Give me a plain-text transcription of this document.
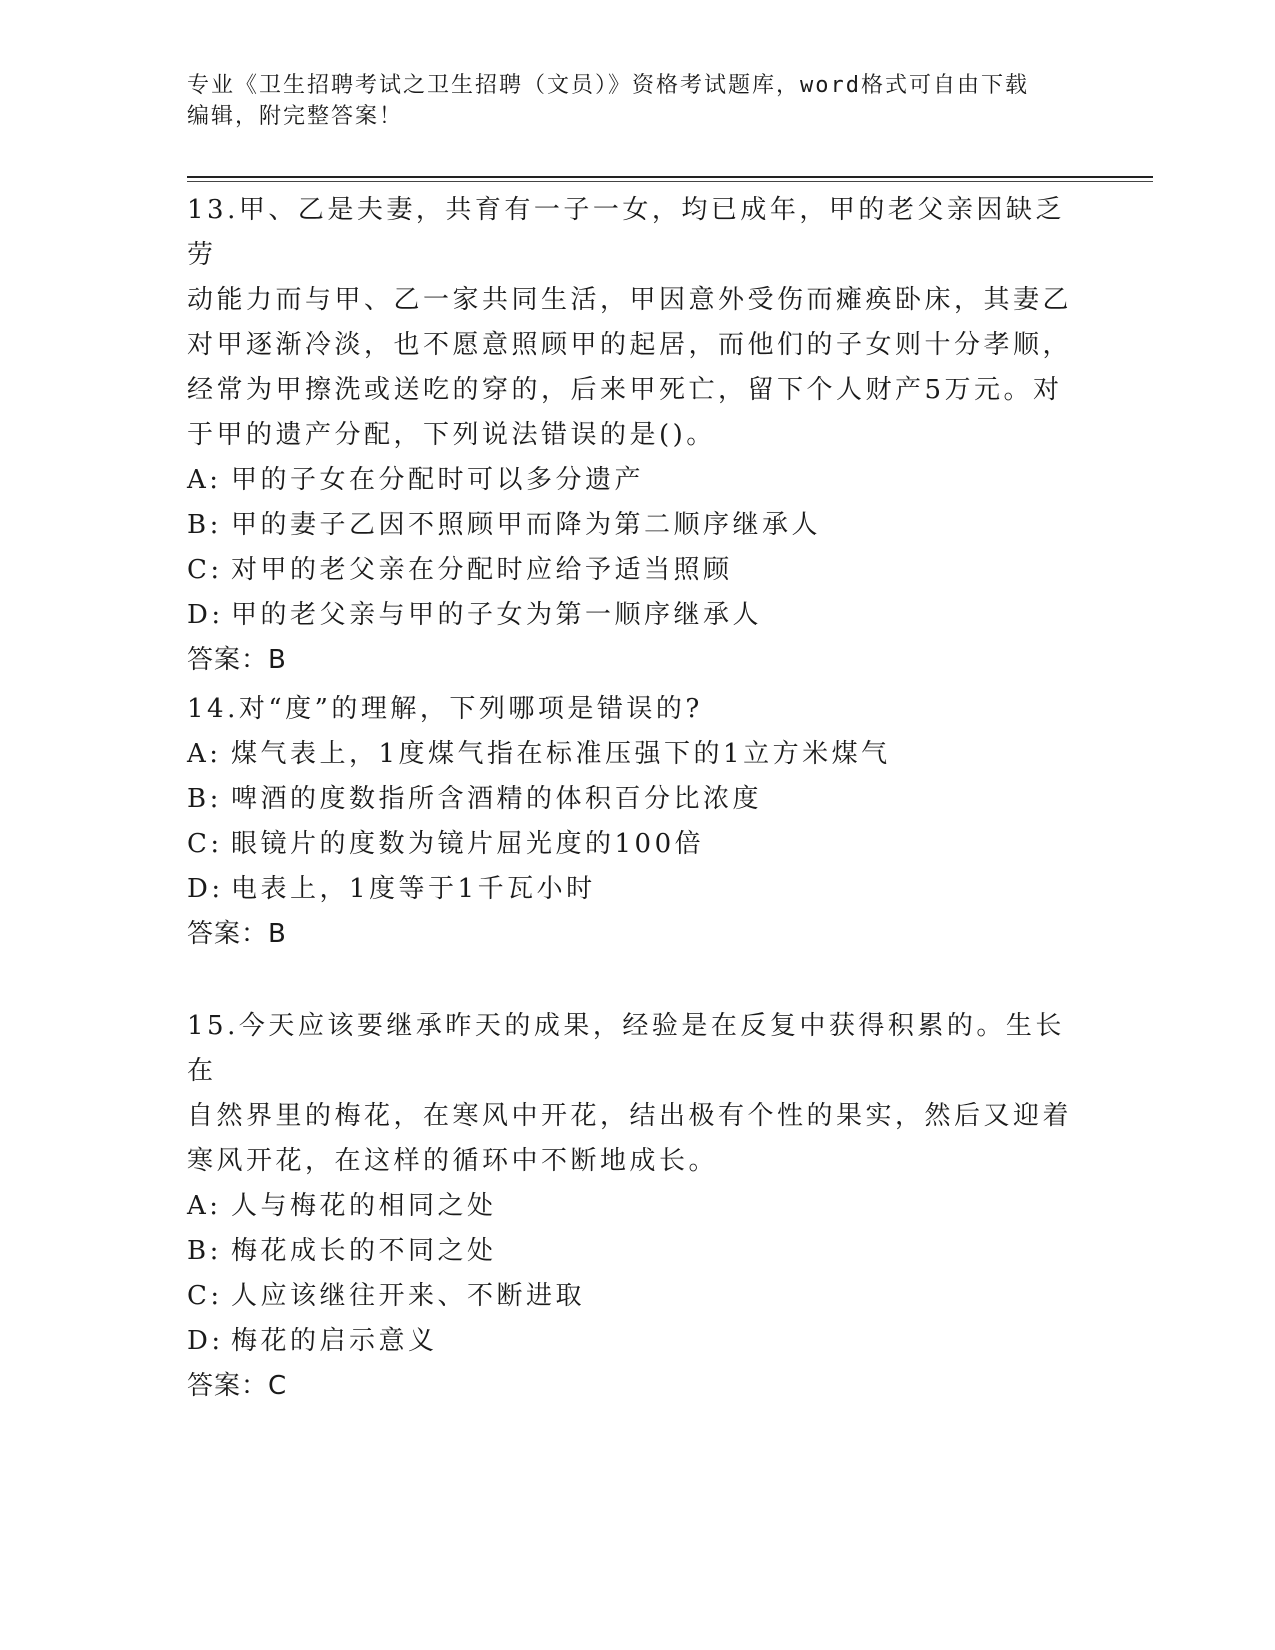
专业《卫生招聘考试之卫生招聘（文员）》资格考试题库，word格式可自由下载
编辑，附完整答案！

13.甲、乙是夫妻，共育有一子一女，均已成年，甲的老父亲因缺乏劳

动能力而与甲、乙一家共同生活，甲因意外受伤而瘫痪卧床，其妻乙

对甲逐渐冷淡，也不愿意照顾甲的起居，而他们的子女则十分孝顺，

经常为甲擦洗或送吃的穿的，后来甲死亡，留下个人财产5万元。对

于甲的遗产分配，下列说法错误的是()。

A: 甲的子女在分配时可以多分遗产

B: 甲的妻子乙因不照顾甲而降为第二顺序继承人

C: 对甲的老父亲在分配时应给予适当照顾

D: 甲的老父亲与甲的子女为第一顺序继承人

答案：B

14.对“度”的理解，下列哪项是错误的?

A: 煤气表上，1度煤气指在标准压强下的1立方米煤气

B: 啤酒的度数指所含酒精的体积百分比浓度

C: 眼镜片的度数为镜片屈光度的100倍

D: 电表上，1度等于1千瓦小时

答案：B

15.今天应该要继承昨天的成果，经验是在反复中获得积累的。生长在

自然界里的梅花，在寒风中开花，结出极有个性的果实，然后又迎着

寒风开花，在这样的循环中不断地成长。

A: 人与梅花的相同之处

B: 梅花成长的不同之处

C: 人应该继往开来、不断进取

D: 梅花的启示意义

答案：C
